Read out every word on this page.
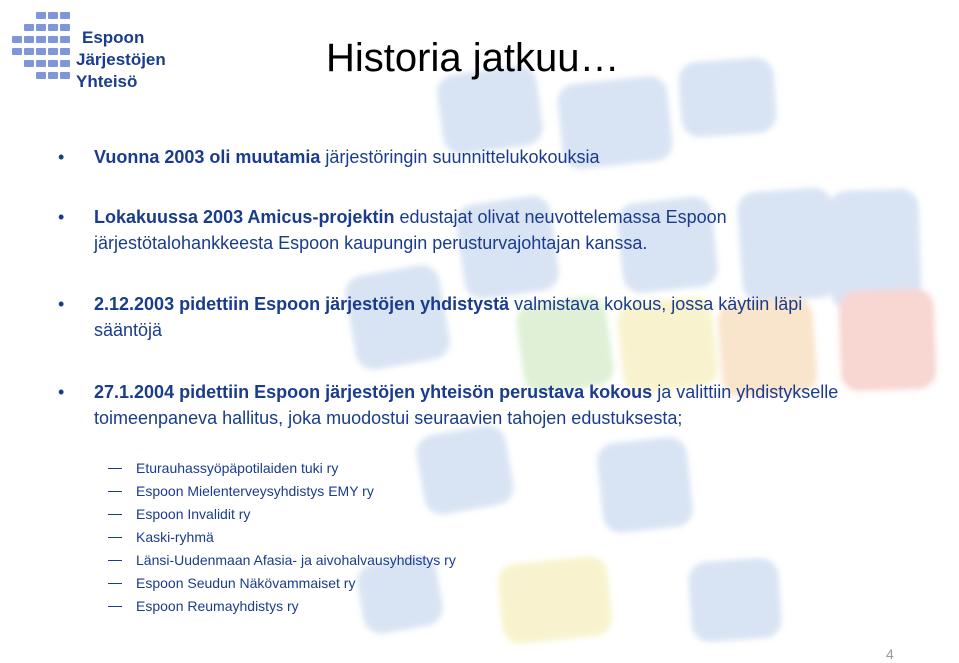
Espoon
Järjestöjen
Yhteisö
Historia jatkuu…
• Vuonna 2003 oli muutamia järjestöringin suunnittelukokouksia
• Lokakuussa 2003 Amicus-projektin edustajat olivat neuvottelemassa Espoon järjestötalohankkeesta Espoon kaupungin perusturvajohtajan kanssa.
• 2.12.2003 pidettiin Espoon järjestöjen yhdistystä valmistava kokous, jossa käytiin läpi sääntöjä
• 27.1.2004 pidettiin Espoon järjestöjen yhteisön perustava kokous ja valittiin yhdistykselle toimeenpaneva hallitus, joka muodostui seuraavien tahojen edustuksesta;
Eturauhassyöpäpotilaiden tuki ry
Espoon Mielenterveysyhdistys EMY ry
Espoon Invalidit ry
Kaski-ryhmä
Länsi-Uudenmaan Afasia- ja aivohalvausyhdistys ry
Espoon Seudun Näkövammaiset ry
Espoon Reumayhdistys ry
4
